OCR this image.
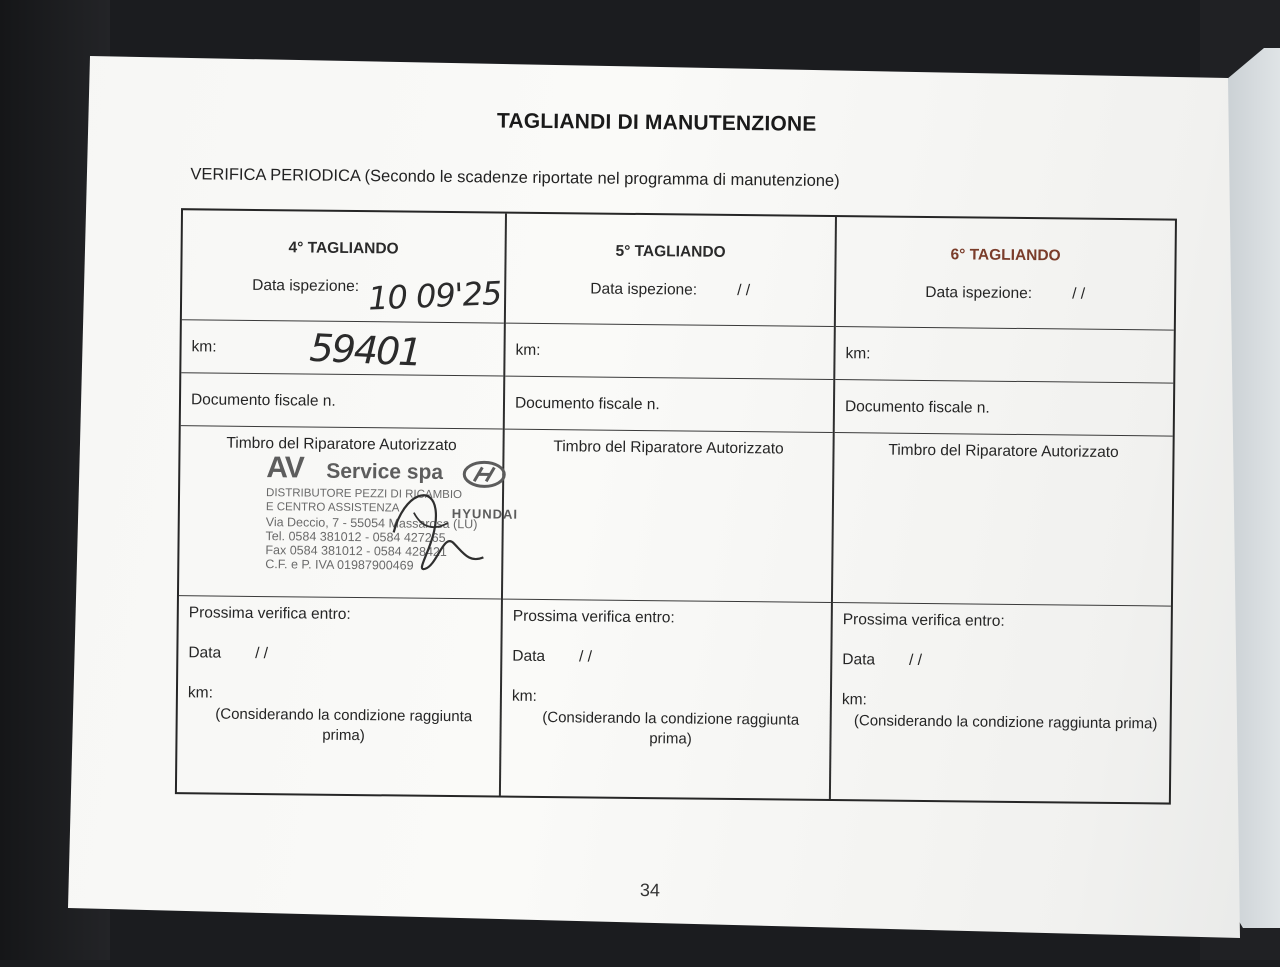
TAGLIANDI DI MANUTENZIONE
VERIFICA PERIODICA (Secondo le scadenze riportate nel programma di manutenzione)
4° TAGLIANDO
Data ispezione: 10 09'25
km: 59401
Documento fiscale n.
Timbro del Riparatore Autorizzato
AV Service spa
DISTRIBUTORE PEZZI DI RICAMBIO
E CENTRO ASSISTENZA	HYUNDAI
Via Deccio, 7 - 55054 Massarosa (LU)
Tel. 0584 381012 - 0584 427265
Fax 0584 381012 - 0584 428421
C.F. e P. IVA 01987900469
Prossima verifica entro:
Data / /
km:
(Considerando la condizione raggiunta prima)
5° TAGLIANDO
Data ispezione:	/ /
km:
Documento fiscale n.
Timbro del Riparatore Autorizzato
Prossima verifica entro:
Data / /
km:
(Considerando la condizione raggiunta prima)
6° TAGLIANDO
Data ispezione:	/ /
km:
Documento fiscale n.
Timbro del Riparatore Autorizzato
Prossima verifica entro:
Data / /
km:
(Considerando la condizione raggiunta prima)
34
